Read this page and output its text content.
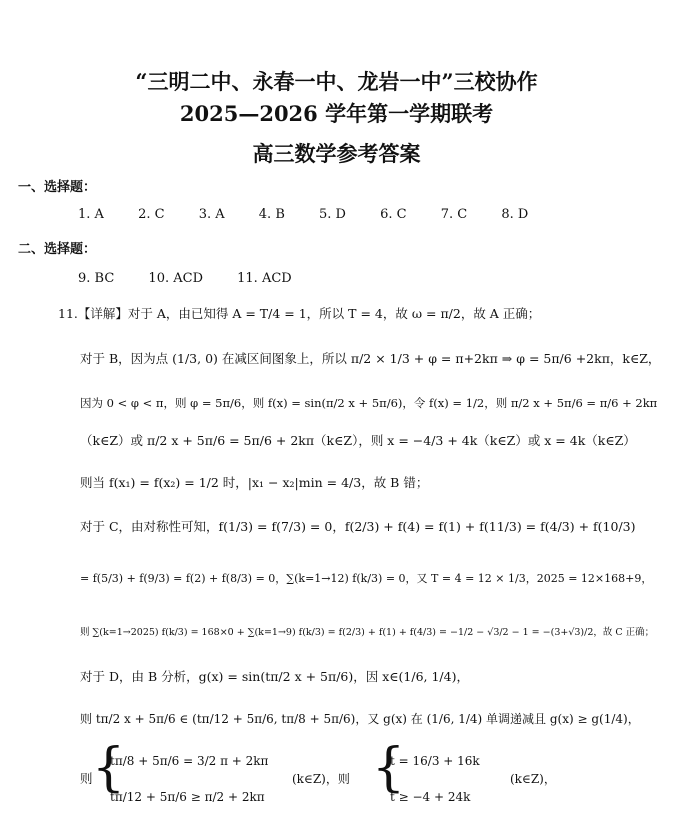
“三明二中、永春一中、龙岩一中”三校协作
2025—2026 学年第一学期联考
高三数学参考答案
一、选择题：
1. A	2. C	3. A	4. B	5. D	6. C	7. C	8. D
二、选择题：
9. BC	10. ACD	11. ACD
11.【详解】对于 A，由已知得 A = T/4 = 1，所以 T = 4，故 ω = π/2，故 A 正确；
对于 B，因为点 (1/3, 0) 在减区间图象上，所以 π/2 × 1/3 + φ = π+2kπ ⇒ φ = 5π/6 +2kπ，k∈Z，
因为 0 < φ < π，则 φ = 5π/6，则 f(x) = sin(π/2 x + 5π/6)，令 f(x) = 1/2，则 π/2 x + 5π/6 = π/6 + 2kπ
（k∈Z）或 π/2 x + 5π/6 = 5π/6 + 2kπ（k∈Z），则 x = −4/3 + 4k（k∈Z）或 x = 4k（k∈Z）
则当 f(x₁) = f(x₂) = 1/2 时，|x₁ − x₂|min = 4/3，故 B 错；
对于 C，由对称性可知，f(1/3) = f(7/3) = 0，f(2/3) + f(4) = f(1) + f(11/3) = f(4/3) + f(10/3)
= f(5/3) + f(9/3) = f(2) + f(8/3) = 0，∑(k=1→12) f(k/3) = 0，又 T = 4 = 12 × 1/3，2025 = 12×168+9，
则 ∑(k=1→2025) f(k/3) = 168×0 + ∑(k=1→9) f(k/3) = f(2/3) + f(1) + f(4/3) = −1/2 − √3/2 − 1 = −(3+√3)/2，故 C 正确；
对于 D，由 B 分析，g(x) = sin(tπ/2 x + 5π/6)，因 x∈(1/6, 1/4)，
则 tπ/2 x + 5π/6 ∈ (tπ/12 + 5π/6, tπ/8 + 5π/6)，又 g(x) 在 (1/6, 1/4) 单调递减且 g(x) ≥ g(1/4)，
则 {
tπ/8 + 5π/6 = 3/2 π + 2kπ
tπ/12 + 5π/6 ≥ π/2 + 2kπ
(k∈Z)，则 {
t = 16/3 + 16k
t ≥ −4 + 24k
(k∈Z)，
